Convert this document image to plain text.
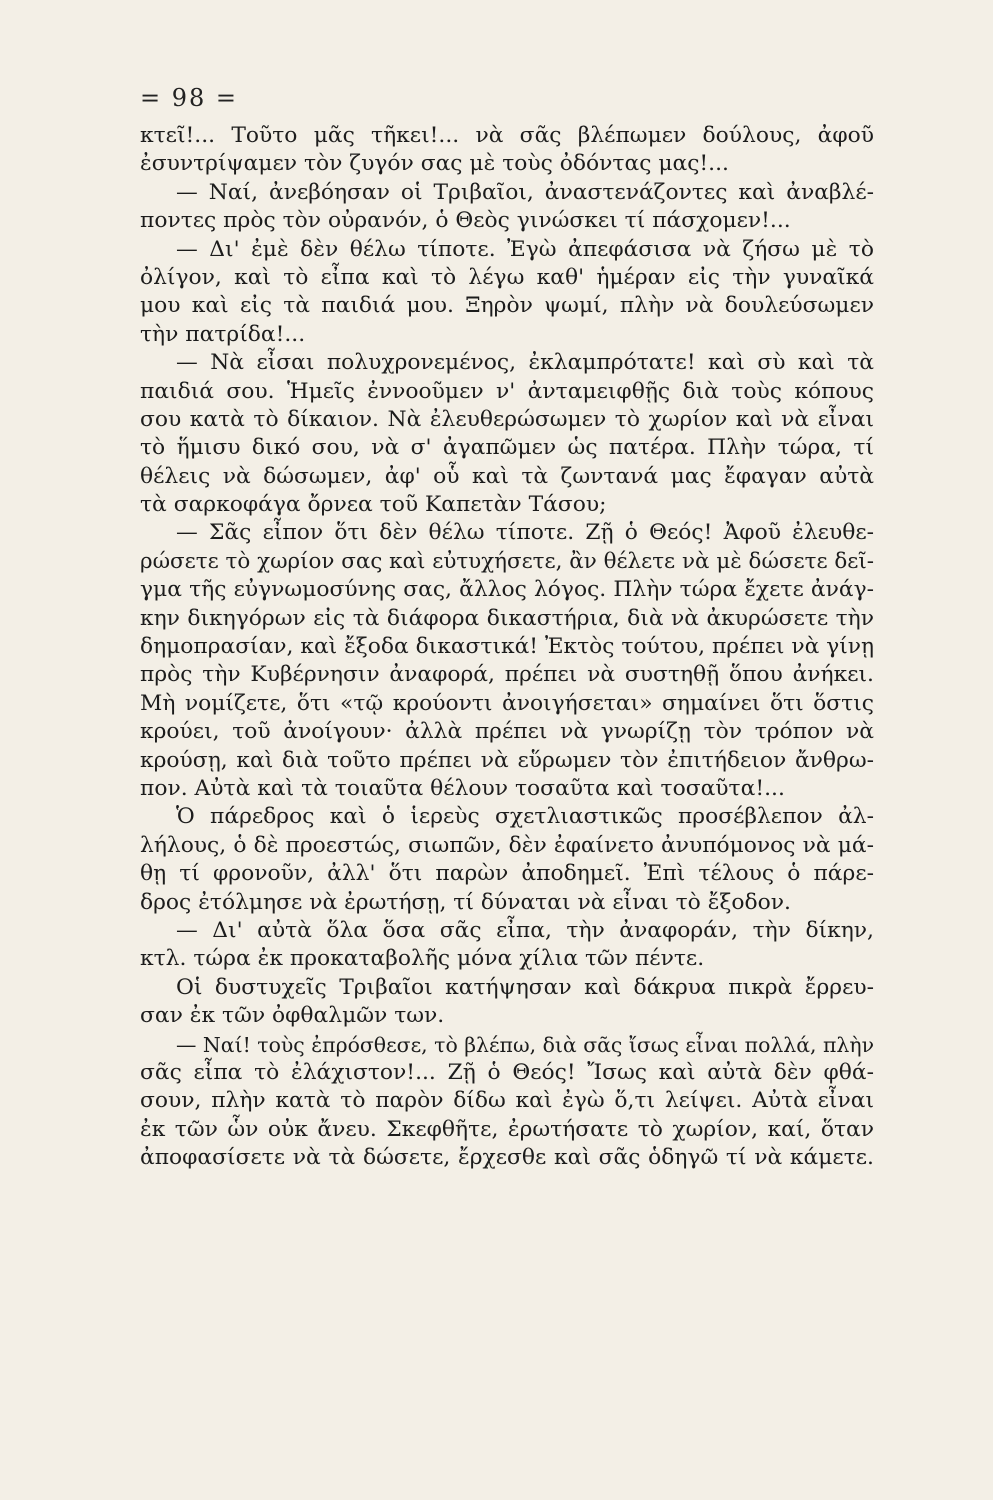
= 98 =
κτεῖ!... Τοῦτο μᾶς τῆκει!... νὰ σᾶς βλέπωμεν δούλους, ἀφοῦ
ἐσυντρίψαμεν τὸν ζυγόν σας μὲ τοὺς ὀδόντας μας!...
— Ναί, ἀνεβόησαν οἱ Τριβαῖοι, ἀναστενάζοντες καὶ ἀναβλέ-
ποντες πρὸς τὸν οὐρανόν, ὁ Θεὸς γινώσκει τί πάσχομεν!...
— Δι' ἐμὲ δὲν θέλω τίποτε. Ἐγὼ ἀπεφάσισα νὰ ζήσω μὲ τὸ
ὀλίγον, καὶ τὸ εἶπα καὶ τὸ λέγω καθ' ἡμέραν εἰς τὴν γυναῖκά
μου καὶ εἰς τὰ παιδιά μου. Ξηρὸν ψωμί, πλὴν νὰ δουλεύσωμεν
τὴν πατρίδα!...
— Νὰ εἶσαι πολυχρονεμένος, ἐκλαμπρότατε! καὶ σὺ καὶ τὰ
παιδιά σου. Ἡμεῖς ἐννοοῦμεν ν' ἀνταμειφθῇς διὰ τοὺς κόπους
σου κατὰ τὸ δίκαιον. Νὰ ἐλευθερώσωμεν τὸ χωρίον καὶ νὰ εἶναι
τὸ ἥμισυ δικό σου, νὰ σ' ἀγαπῶμεν ὡς πατέρα. Πλὴν τώρα, τί
θέλεις νὰ δώσωμεν, ἀφ' οὗ καὶ τὰ ζωντανά μας ἔφαγαν αὐτὰ
τὰ σαρκοφάγα ὄρνεα τοῦ Καπετὰν Τάσου;
— Σᾶς εἶπον ὅτι δὲν θέλω τίποτε. Ζῇ ὁ Θεός! Ἀφοῦ ἐλευθε-
ρώσετε τὸ χωρίον σας καὶ εὐτυχήσετε, ἂν θέλετε νὰ μὲ δώσετε δεῖ-
γμα τῆς εὐγνωμοσύνης σας, ἄλλος λόγος. Πλὴν τώρα ἔχετε ἀνάγ-
κην δικηγόρων εἰς τὰ διάφορα δικαστήρια, διὰ νὰ ἀκυρώσετε τὴν
δημοπρασίαν, καὶ ἔξοδα δικαστικά! Ἐκτὸς τούτου, πρέπει νὰ γίνῃ
πρὸς τὴν Κυβέρνησιν ἀναφορά, πρέπει νὰ συστηθῇ ὅπου ἀνήκει.
Μὴ νομίζετε, ὅτι «τῷ κρούοντι ἀνοιγήσεται» σημαίνει ὅτι ὅστις
κρούει, τοῦ ἀνοίγουν· ἀλλὰ πρέπει νὰ γνωρίζῃ τὸν τρόπον νὰ
κρούσῃ, καὶ διὰ τοῦτο πρέπει νὰ εὕρωμεν τὸν ἐπιτήδειον ἄνθρω-
πον. Αὐτὰ καὶ τὰ τοιαῦτα θέλουν τοσαῦτα καὶ τοσαῦτα!...
Ὁ πάρεδρος καὶ ὁ ἱερεὺς σχετλιαστικῶς προσέβλεπον ἀλ-
λήλους, ὁ δὲ προεστώς, σιωπῶν, δὲν ἐφαίνετο ἀνυπόμονος νὰ μά-
θῃ τί φρονοῦν, ἀλλ' ὅτι παρὼν ἀποδημεῖ. Ἐπὶ τέλους ὁ πάρε-
δρος ἐτόλμησε νὰ ἐρωτήσῃ, τί δύναται νὰ εἶναι τὸ ἔξοδον.
— Δι' αὐτὰ ὅλα ὅσα σᾶς εἶπα, τὴν ἀναφοράν, τὴν δίκην,
κτλ. τώρα ἐκ προκαταβολῆς μόνα χίλια τῶν πέντε.
Οἱ δυστυχεῖς Τριβαῖοι κατήψησαν καὶ δάκρυα πικρὰ ἔρρευ-
σαν ἐκ τῶν ὀφθαλμῶν των.
— Ναί! τοὺς ἐπρόσθεσε, τὸ βλέπω, διὰ σᾶς ἴσως εἶναι πολλά, πλὴν
σᾶς εἶπα τὸ ἐλάχιστον!... Ζῇ ὁ Θεός! Ἴσως καὶ αὐτὰ δὲν φθά-
σουν, πλὴν κατὰ τὸ παρὸν δίδω καὶ ἐγὼ ὅ,τι λείψει. Αὐτὰ εἶναι
ἐκ τῶν ὧν οὐκ ἄνευ. Σκεφθῆτε, ἐρωτήσατε τὸ χωρίον, καί, ὅταν
ἀποφασίσετε νὰ τὰ δώσετε, ἔρχεσθε καὶ σᾶς ὁδηγῶ τί νὰ κάμετε.
